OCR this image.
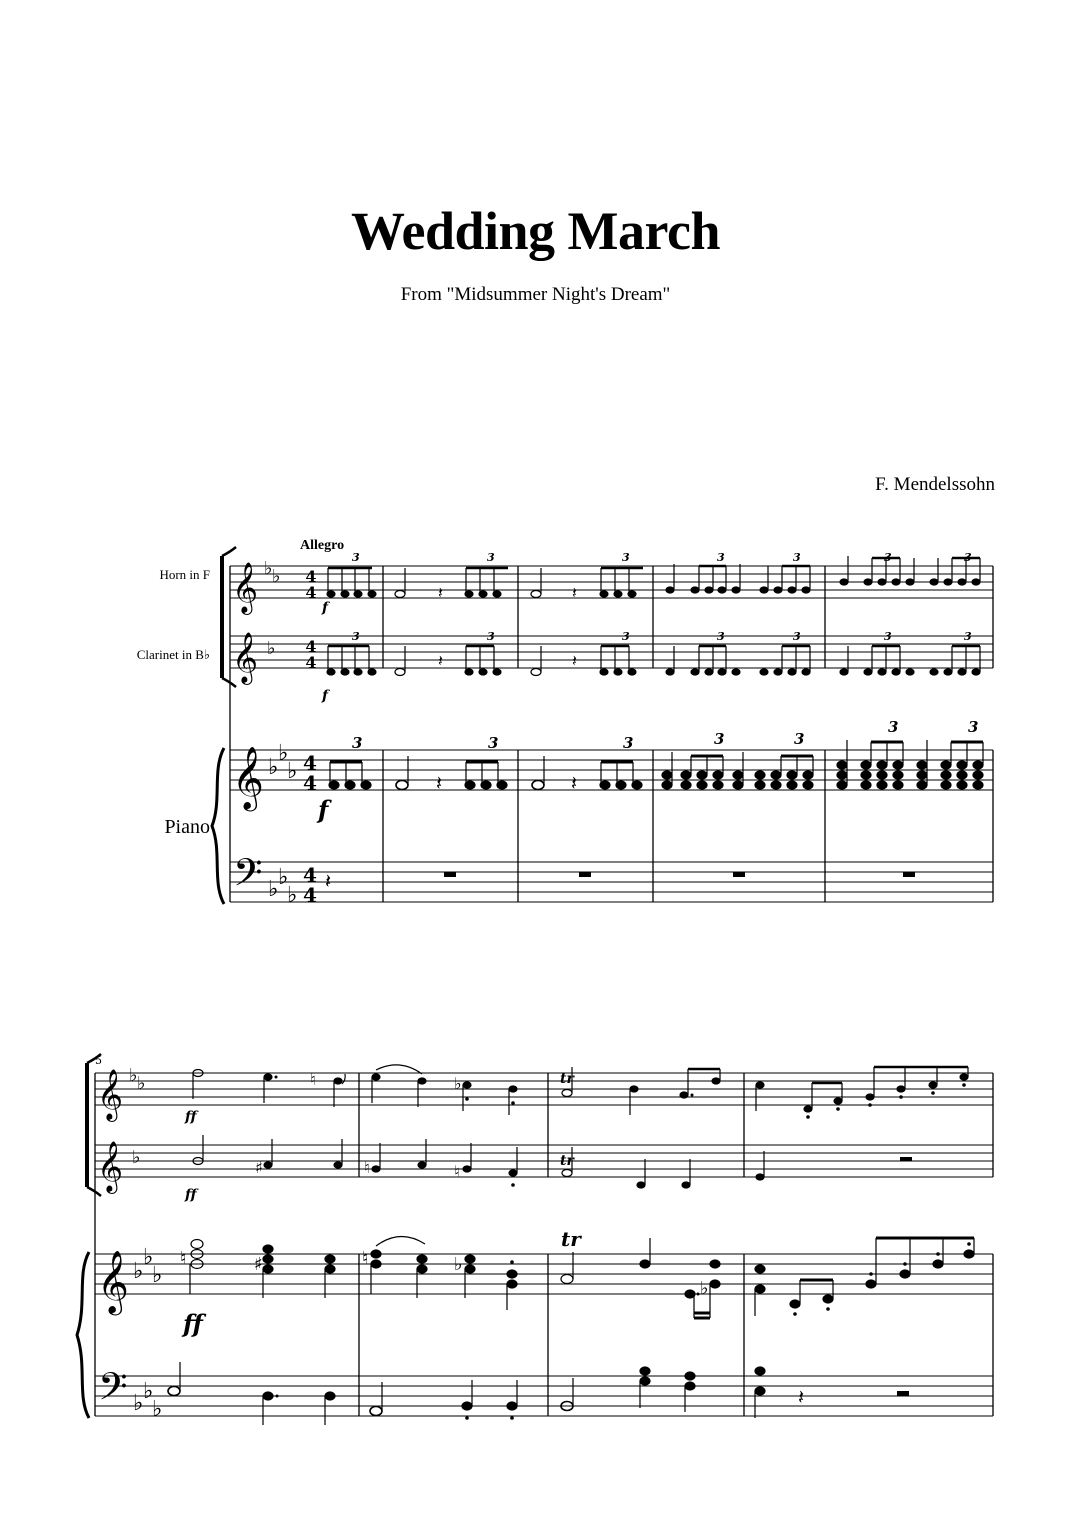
Wedding March
From "Midsummer Night's Dream"
F. Mendelssohn
𝄞
𝄞
𝄞
𝄢
♭ ♭
♭
♭
♭
♭
♭ ♭
♭
4
4
4
4
4
4
4
4
Horn in F
Clarinet in B♭
Piano
Allegro
𝄽	𝄽
𝄽	𝄽
𝄽	𝄽
𝄽
f
f
f
3	3	3	3	3	3	3
3	3	3	3	3	3	3
3	3	3	3	3
3	3
𝄞
𝄞
𝄞
𝄢
♭ ♭
♭
♭
♭
♭
♭ ♭
♭
5
𝄽
♮	♭
♯	♮	♮
♮	♯	♮	♭
♭
ff
ff
ff
tr
tr
tr
